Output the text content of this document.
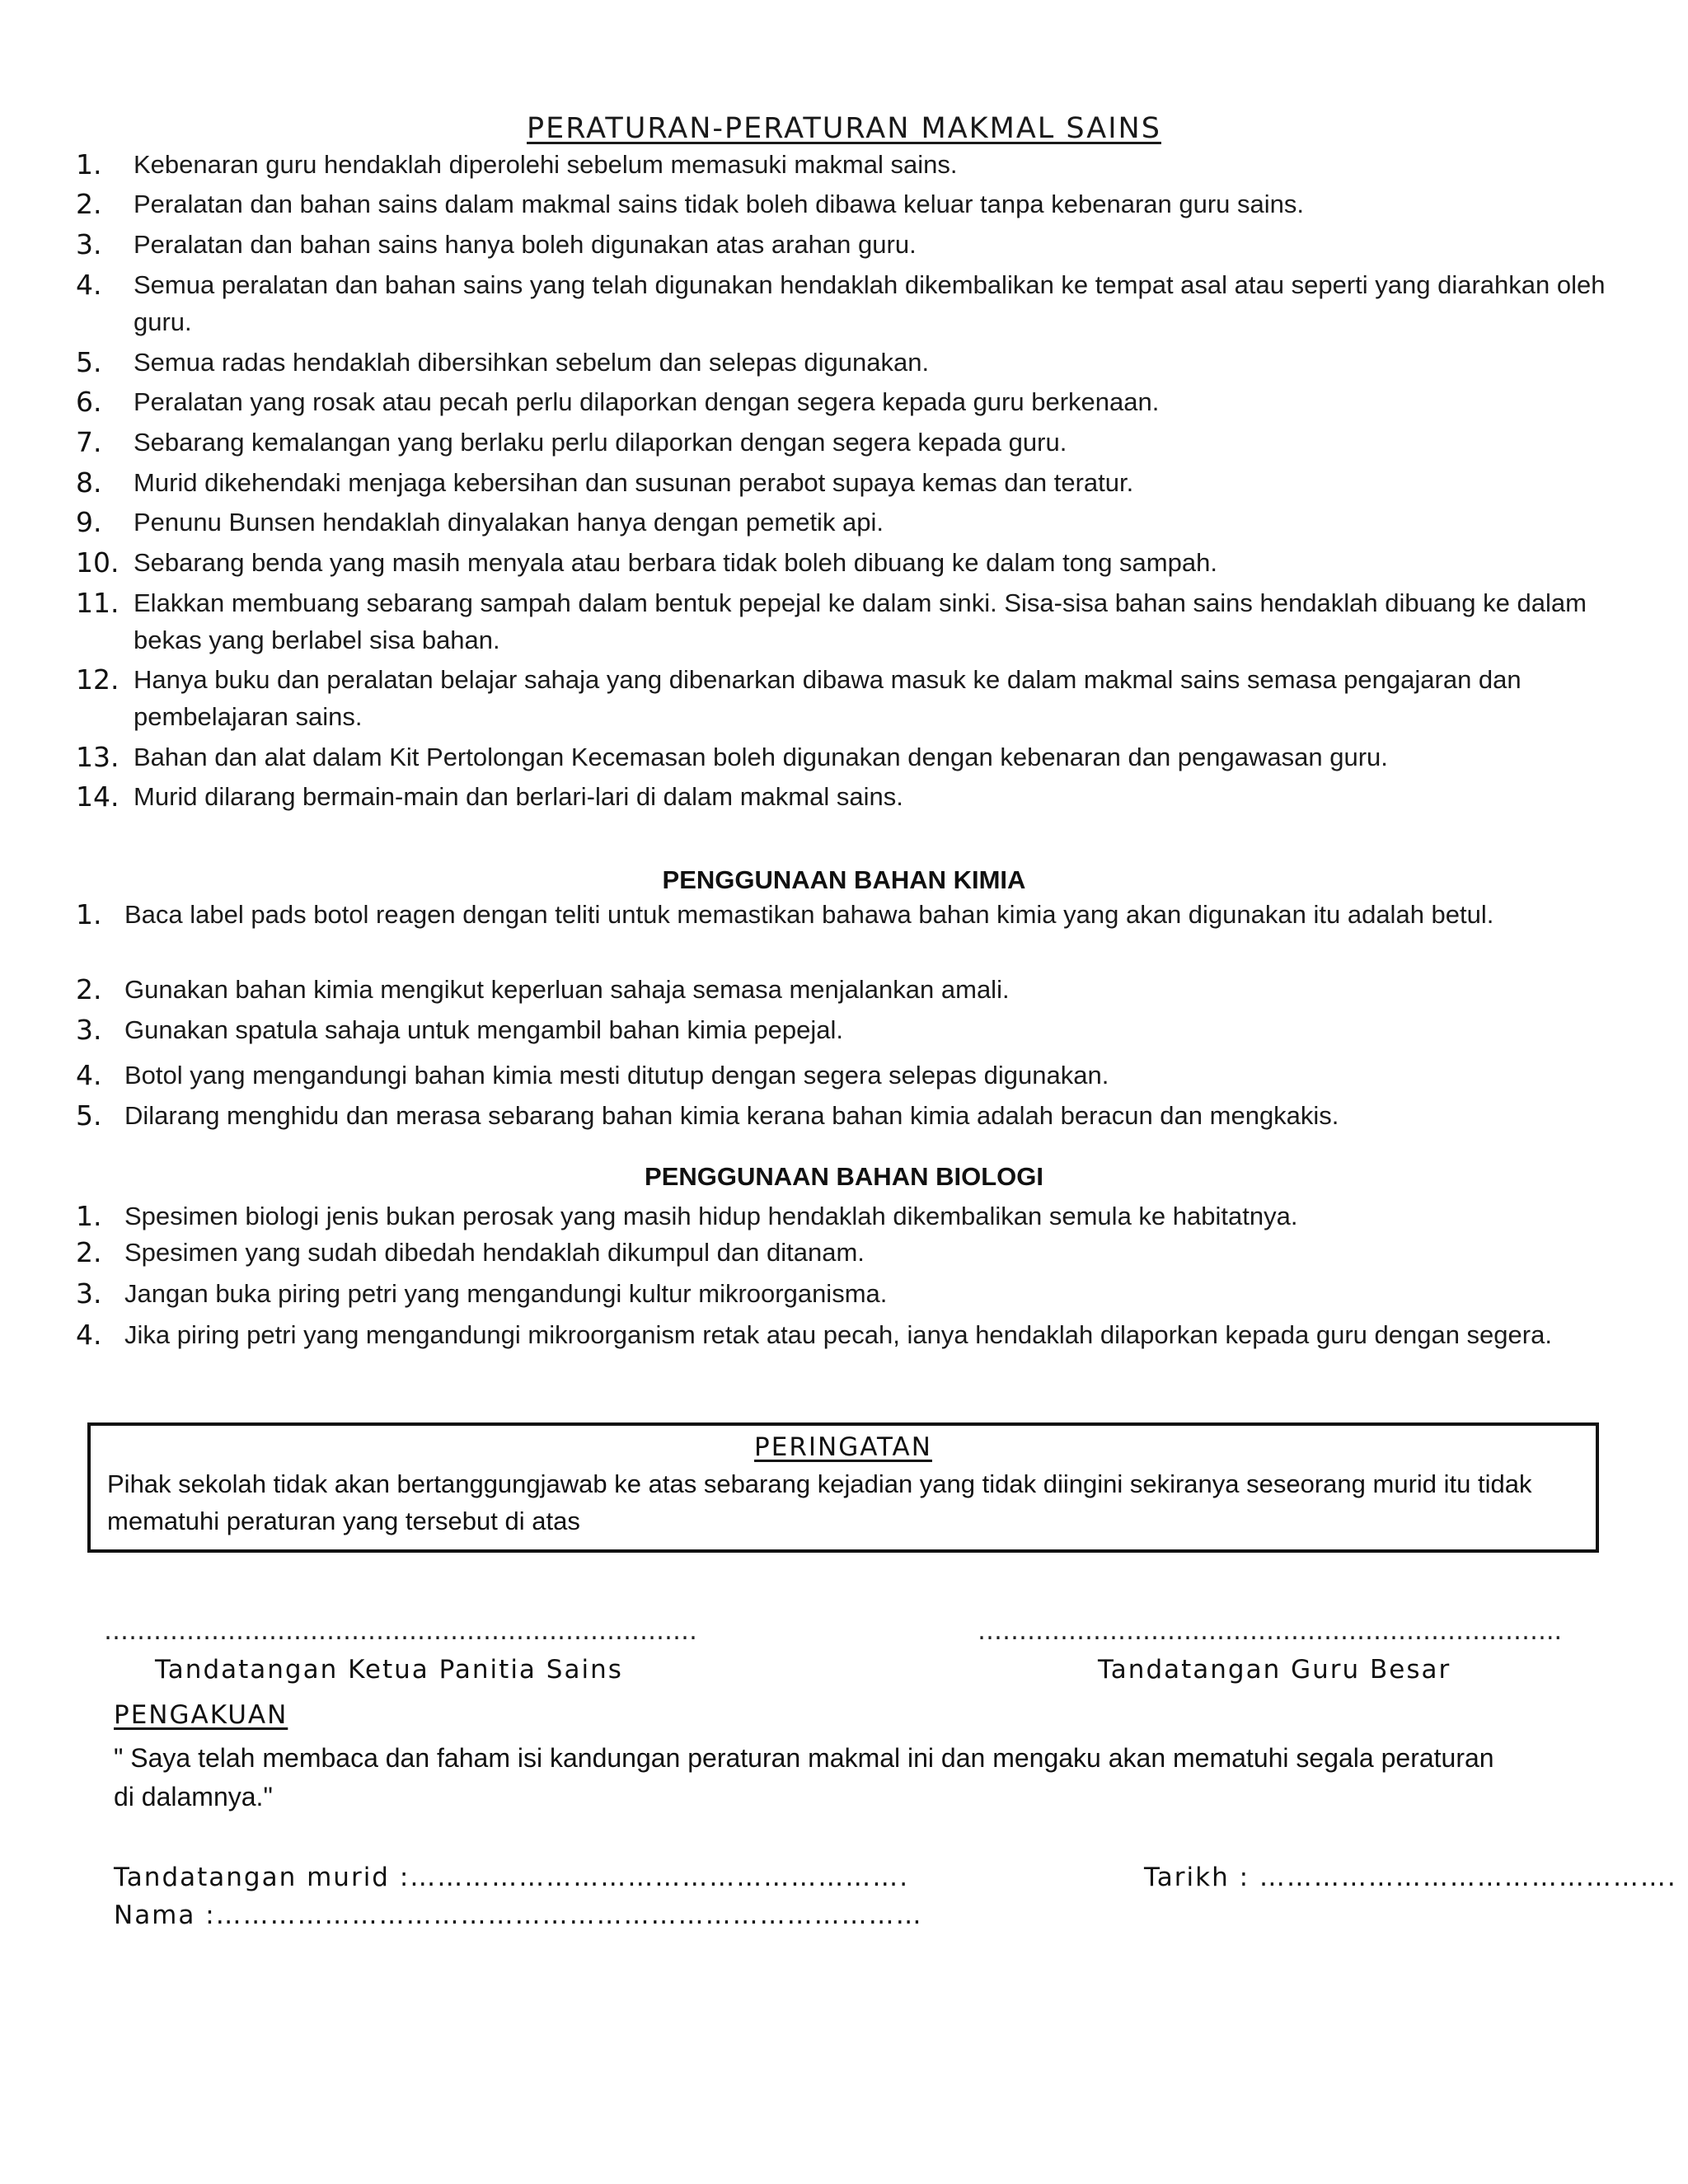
PERATURAN-PERATURAN MAKMAL SAINS
1. Kebenaran guru hendaklah diperolehi sebelum memasuki makmal sains.
2. Peralatan dan bahan sains dalam makmal sains tidak boleh dibawa keluar tanpa kebenaran guru sains.
3. Peralatan dan bahan sains hanya boleh digunakan atas arahan guru.
4. Semua peralatan dan bahan sains yang telah digunakan hendaklah dikembalikan ke tempat asal atau seperti yang diarahkan oleh guru.
5. Semua radas hendaklah dibersihkan sebelum dan selepas digunakan.
6. Peralatan yang rosak atau pecah perlu dilaporkan dengan segera kepada guru berkenaan.
7. Sebarang kemalangan yang berlaku perlu dilaporkan dengan segera kepada guru.
8. Murid dikehendaki menjaga kebersihan dan susunan perabot supaya kemas dan teratur.
9. Penunu Bunsen hendaklah dinyalakan hanya dengan pemetik api.
10. Sebarang benda yang masih menyala atau berbara tidak boleh dibuang ke dalam tong sampah.
11. Elakkan membuang sebarang sampah dalam bentuk pepejal ke dalam sinki. Sisa-sisa bahan sains hendaklah dibuang ke dalam bekas yang berlabel sisa bahan.
12. Hanya buku dan peralatan belajar sahaja yang dibenarkan dibawa masuk ke dalam makmal sains semasa pengajaran dan pembelajaran sains.
13. Bahan dan alat dalam Kit Pertolongan Kecemasan boleh digunakan dengan kebenaran dan pengawasan guru.
14. Murid dilarang bermain-main dan berlari-lari di dalam makmal sains.
PENGGUNAAN BAHAN KIMIA
1. Baca label pads botol reagen dengan teliti untuk memastikan bahawa bahan kimia yang akan digunakan itu adalah betul.
2. Gunakan bahan kimia mengikut keperluan sahaja semasa menjalankan amali.
3. Gunakan spatula sahaja untuk mengambil bahan kimia pepejal.
4. Botol yang mengandungi bahan kimia mesti ditutup dengan segera selepas digunakan.
5. Dilarang menghidu dan merasa sebarang bahan kimia kerana bahan kimia adalah beracun dan mengkakis.
PENGGUNAAN BAHAN BIOLOGI
1. Spesimen biologi jenis bukan perosak yang masih hidup hendaklah dikembalikan semula ke habitatnya.
2. Spesimen yang sudah dibedah hendaklah dikumpul dan ditanam.
3. Jangan buka piring petri yang mengandungi kultur mikroorganisma.
4. Jika piring petri yang mengandungi mikroorganism retak atau pecah, ianya hendaklah dilaporkan kepada guru dengan segera.
PERINGATAN
Pihak sekolah tidak akan bertanggungjawab ke atas sebarang kejadian yang tidak diingini sekiranya seseorang murid itu tidak mematuhi peraturan yang tersebut di atas
………………………………………………………………	……………………………………………………………..
Tandatangan Ketua Panitia Sains	Tandatangan Guru Besar
PENGAKUAN
" Saya telah membaca dan faham isi kandungan peraturan makmal ini dan mengaku akan mematuhi segala peraturan di dalamnya."
Tandatangan murid :……………………………………………….	Tarikh : ……………………………………….
Nama :……………………………………………………………………
